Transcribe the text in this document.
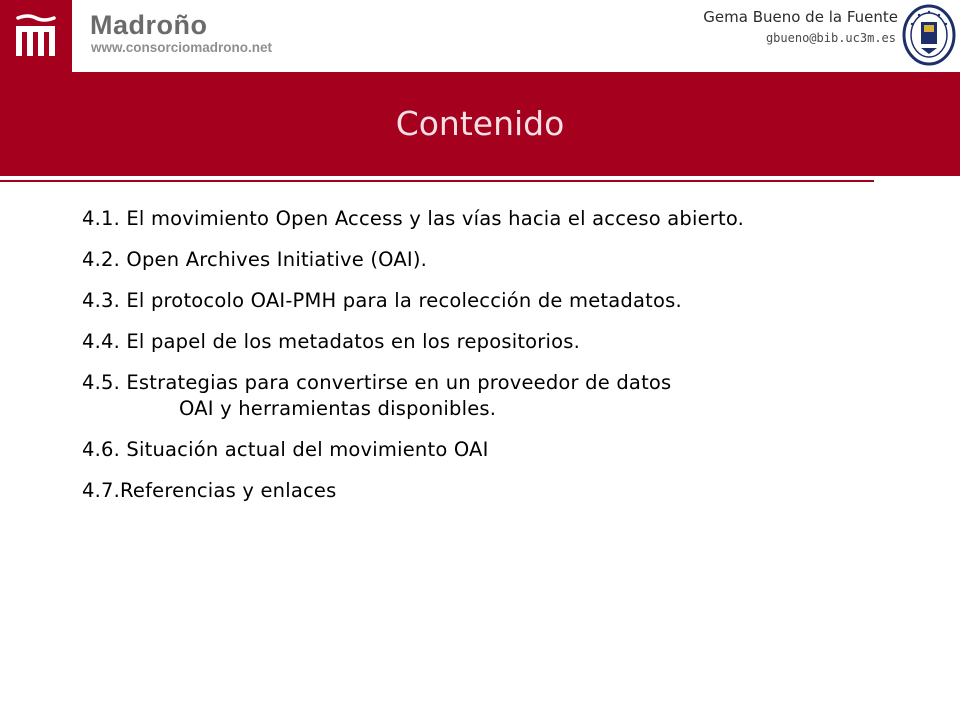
Madroño
www.consorciomadrono.net
Gema Bueno de la Fuente
gbueno@bib.uc3m.es
Contenido
4.1. El movimiento Open Access y las vías hacia el acceso abierto.
4.2. Open Archives Initiative (OAI).
4.3. El protocolo OAI-PMH para la recolección de metadatos.
4.4. El papel de los metadatos en los repositorios.
4.5. Estrategias para convertirse en un proveedor de datos
OAI y herramientas disponibles.
4.6. Situación actual del movimiento OAI
4.7.Referencias y enlaces
